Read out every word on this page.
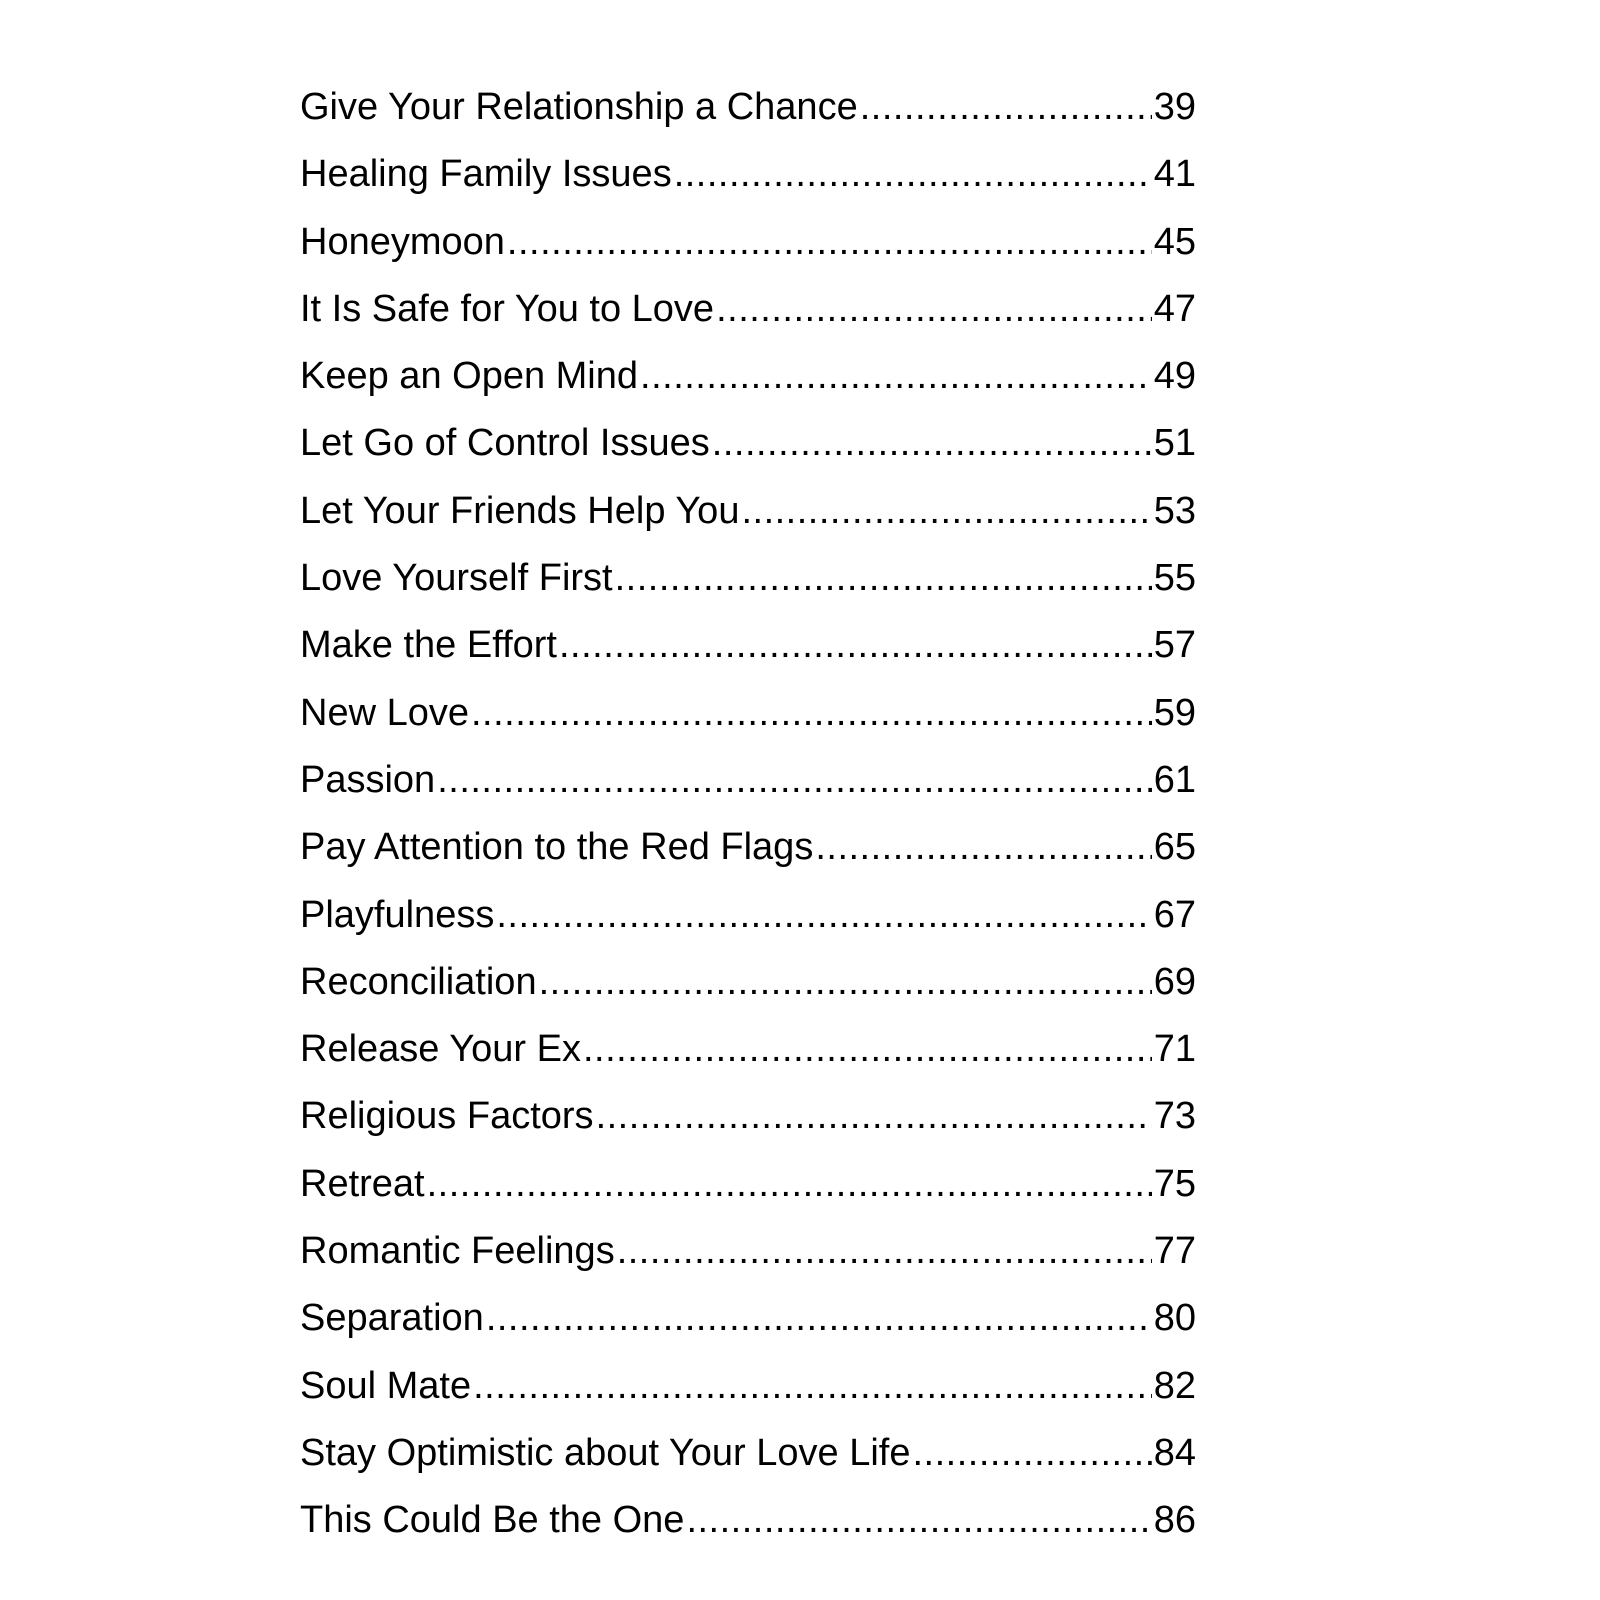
Give Your Relationship a Chance .....	39
Healing Family Issues .....	41
Honeymoon .....	45
It Is Safe for You to Love .....	47
Keep an Open Mind .....	49
Let Go of Control Issues .....	51
Let Your Friends Help You .....	53
Love Yourself First .....	55
Make the Effort .....	57
New Love .....	59
Passion .....	61
Pay Attention to the Red Flags .....	65
Playfulness .....	67
Reconciliation .....	69
Release Your Ex .....	71
Religious Factors .....	73
Retreat .....	75
Romantic Feelings .....	77
Separation .....	80
Soul Mate .....	82
Stay Optimistic about Your Love Life .....	84
This Could Be the One .....	86
